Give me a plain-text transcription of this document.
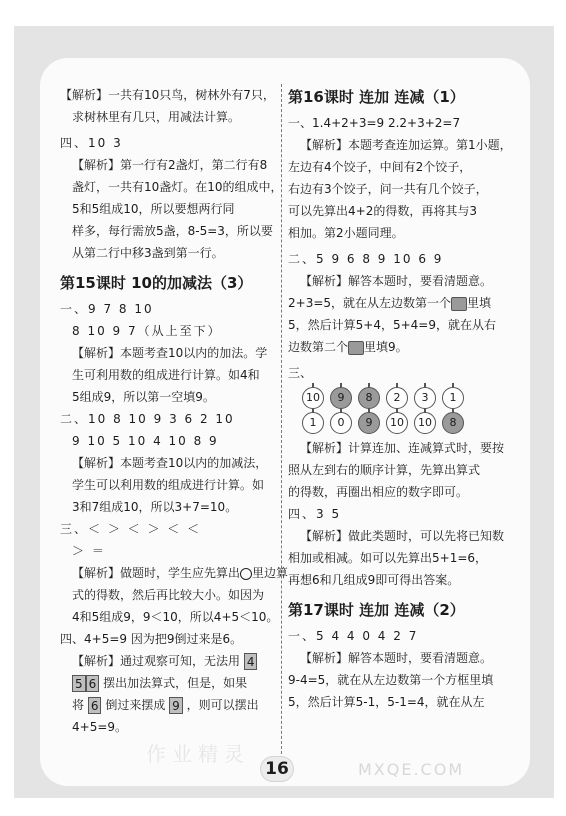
【解析】一共有10只鸟，树林外有7只，
求树林里有几只，用减法计算。
四、10 3
【解析】第一行有2盏灯，第二行有8
盏灯，一共有10盏灯。在10的组成中，
5和5组成10，所以要想两行同
样多，每行需放5盏，8-5=3，所以要
从第二行中移3盏到第一行。
第15课时 10的加减法（3）
一、9 7 8 10
8 10 9 7（从上至下）
【解析】本题考查10以内的加法。学
生可利用数的组成进行计算。如4和
5组成9，所以第一空填9。
二、10 8 10 9 3 6 2 10
9 10 5 10 4 10 8 9
【解析】本题考查10以内的加减法，
学生可以利用数的组成进行计算。如
3和7组成10，所以3+7=10。
三、＜ ＞ ＜ ＞ ＜ ＜
＞ ＝
【解析】做题时，学生应先算出 里边算
式的得数，然后再比较大小。如因为
4和5组成9，9＜10，所以4+5＜10。
四、4+5=9 因为把9倒过来是6。
【解析】通过观察可知，无法用 4
5 6 摆出加法算式，但是，如果
将 6 倒过来摆成 9 ，则可以摆出
4+5=9。
第16课时 连加 连减（1）
一、1.4+2+3=9 2.2+3+2=7
【解析】本题考查连加运算。第1小题，
左边有4个饺子，中间有2个饺子，
右边有3个饺子，问一共有几个饺子，
可以先算出4+2的得数，再将其与3
相加。第2小题同理。
二、5 9 6 8 9 10 6 9
【解析】解答本题时，要看清题意。
2+3=5，就在从左边数第一个 里填
5，然后计算5+4，5+4=9，就在从右
边数第二个 里填9。
三、
10	9	8	2	3	1
1	0	9	10	10	8
【解析】计算连加、连减算式时，要按
照从左到右的顺序计算，先算出算式
的得数，再圈出相应的数字即可。
四、3 5
【解析】做此类题时，可以先将已知数
相加或相减。如可以先算出5+1=6，
再想6和几组成9即可得出答案。
第17课时 连加 连减（2）
一、5 4 4 0 4 2 7
【解析】解答本题时，要看清题意。
9-4=5，就在从左边数第一个方框里填
5，然后计算5-1，5-1=4，就在从左
作业精灵
MXQE.COM
16
